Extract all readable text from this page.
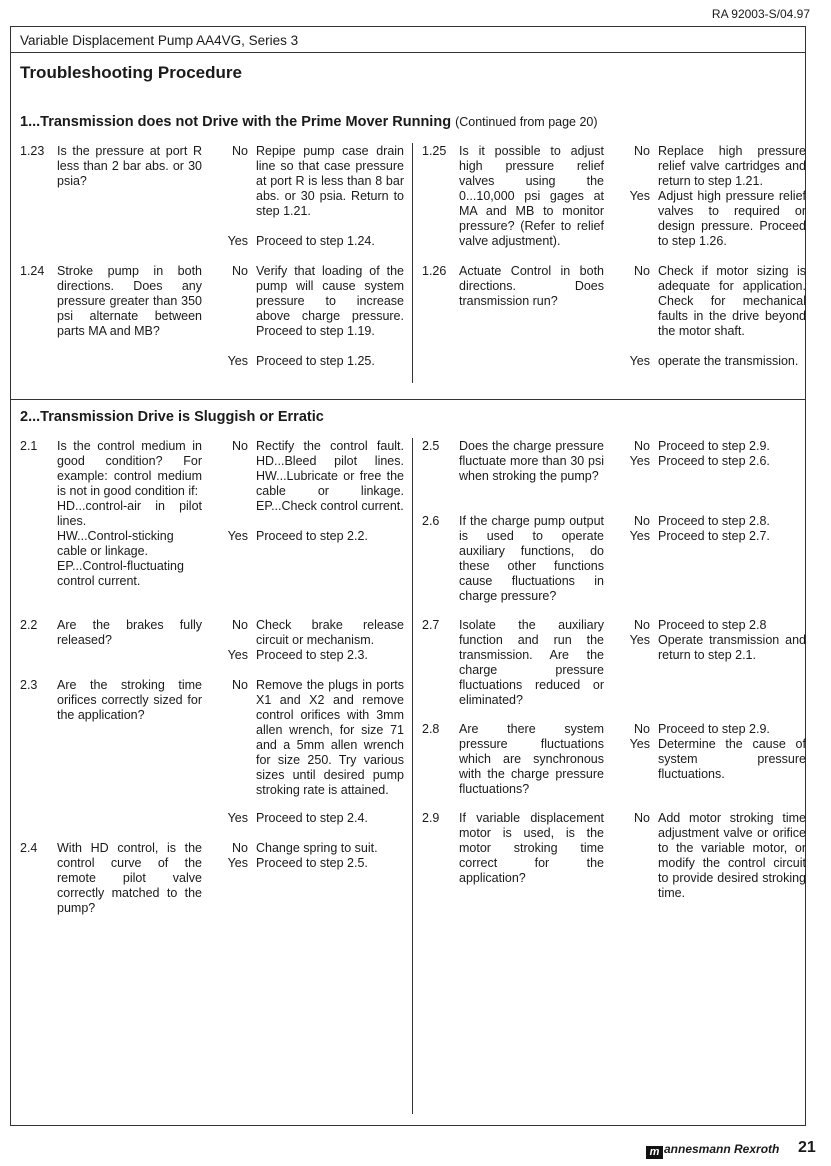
RA 92003-S/04.97
Variable Displacement Pump AA4VG, Series 3
Troubleshooting Procedure
1...Transmission does not Drive with the Prime Mover Running (Continued from page 20)
1.23	Is the pressure at port R less than 2 bar abs. or 30 psia?
No Repipe pump case drain line so that case pressure at port R is less than 8 bar abs. or 30 psia. Return to step 1.21.
Yes Proceed to step 1.24.
1.24	Stroke pump in both directions. Does any pressure greater than 350 psi alternate between parts MA and MB?
No Verify that loading of the pump will cause system pressure to increase above charge pressure. Proceed to step 1.19.
Yes Proceed to step 1.25.
1.25	Is it possible to adjust high pressure relief valves using the 0...10,000 psi gages at MA and MB to monitor pressure? (Refer to relief valve adjustment).
No Replace high pressure relief valve cartridges and return to step 1.21.
Yes Adjust high pressure relief valves to required or design pressure. Proceed to step 1.26.
1.26	Actuate Control in both directions. Does transmission run?
No Check if motor sizing is adequate for application. Check for mechanical faults in the drive beyond the motor shaft.
Yes operate the transmission.
2...Transmission Drive is Sluggish or Erratic
2.1	Is the control medium in good condition? For example: control medium is not in good condition if:
HD...control-air in pilot lines.
HW...Control-sticking cable or linkage.
EP...Control-fluctuating control current.
No Rectify the control fault. HD...Bleed pilot lines. HW...Lubricate or free the cable or linkage. EP...Check control current.
Yes Proceed to step 2.2.
2.2	Are the brakes fully released?
No Check brake release circuit or mechanism.
Yes Proceed to step 2.3.
2.3	Are the stroking time orifices correctly sized for the application?
No Remove the plugs in ports X1 and X2 and remove control orifices with 3mm allen wrench, for size 71 and a 5mm allen wrench for size 250. Try various sizes until desired pump stroking rate is attained.
Yes Proceed to step 2.4.
2.4	With HD control, is the control curve of the remote pilot valve correctly matched to the pump?
No Change spring to suit.
Yes Proceed to step 2.5.
2.5	Does the charge pressure fluctuate more than 30 psi when stroking the pump?
No Proceed to step 2.9.
Yes Proceed to step 2.6.
2.6	If the charge pump output is used to operate auxiliary functions, do these other functions cause fluctuations in charge pressure?
No Proceed to step 2.8.
Yes Proceed to step 2.7.
2.7	Isolate the auxiliary function and run the transmission. Are the charge pressure fluctuations reduced or eliminated?
No Proceed to step 2.8
Yes Operate transmission and return to step 2.1.
2.8	Are there system pressure fluctuations which are synchronous with the charge pressure fluctuations?
No Proceed to step 2.9.
Yes Determine the cause of system pressure fluctuations.
2.9	If variable displacement motor is used, is the motor stroking time correct for the application?
No Add motor stroking time adjustment valve or orifice to the variable motor, or modify the control circuit to provide desired stroking time.
m annesmann Rexroth 21
